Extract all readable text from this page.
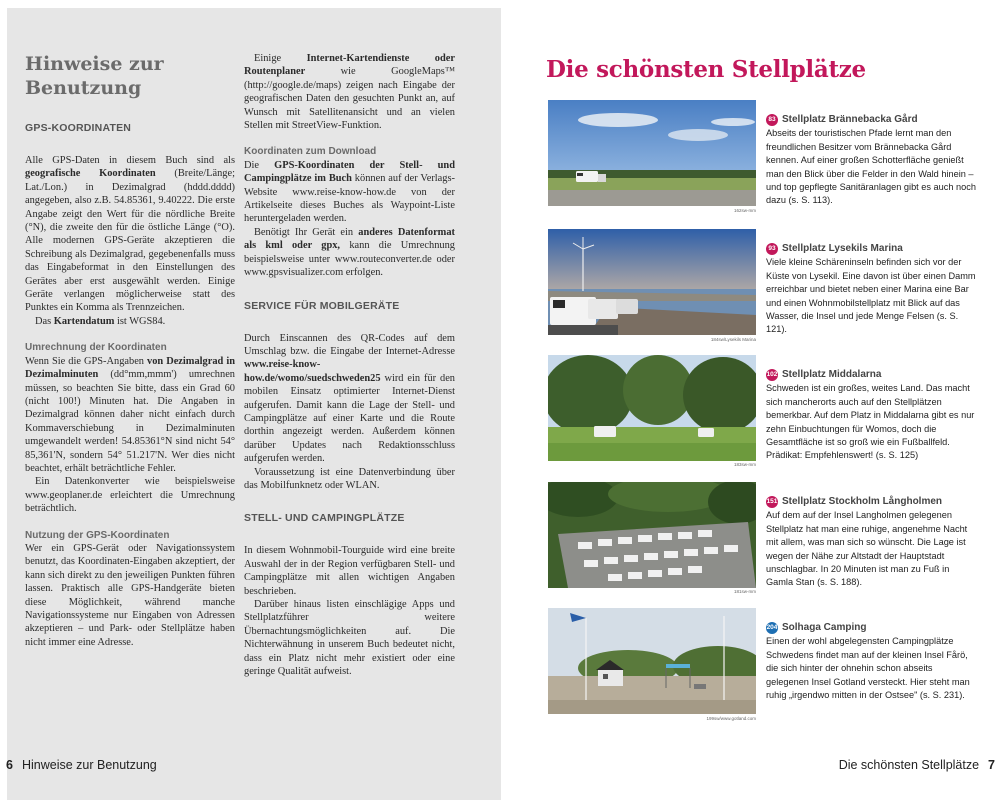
Hinweise zur
Benutzung
GPS-KOORDINATEN

Alle GPS-Daten in diesem Buch sind als geografische Koordinaten (Breite/Länge; Lat./Lon.) in Dezimalgrad (hddd.dddd) angegeben, also z.B. 54.85361, 9.40222. Die erste Angabe zeigt den Wert für die nördliche Breite (°N), die zweite den für die östliche Länge (°O). Alle modernen GPS-Geräte akzeptieren die Schreibung als Dezimalgrad, gegebenenfalls muss das Eingabeformat in den Einstellungen des Gerätes aber erst ausgewählt werden. Einige Geräte verlangen möglicherweise statt des Punktes ein Komma als Trennzeichen.

Das Kartendatum ist WGS84.

Umrechnung der Koordinaten

Wenn Sie die GPS-Angaben von Dezimalgrad in Dezimalminuten (dd°mm,mmm') umrechnen müssen, so beachten Sie bitte, dass ein Grad 60 (nicht 100!) Minuten hat. Die Angaben in Dezimalgrad können daher nicht einfach durch Kommaverschiebung in Dezimalminuten umgewandelt werden! 54.85361°N sind nicht 54° 85,361'N, sondern 54° 51.217'N. Wer dies nicht beachtet, erhält beträchtliche Fehler.

Ein Datenkonverter wie beispielsweise www.geoplaner.de erleichtert die Umrechnung beträchtlich.

Nutzung der GPS-Koordinaten

Wer ein GPS-Gerät oder Navigationssystem benutzt, das Koordinaten-Eingaben akzeptiert, der kann sich direkt zu den jeweiligen Punkten führen lassen. Praktisch alle GPS-Handgeräte bieten diese Möglichkeit, während manche Navigationssysteme nur Eingaben von Adressen akzeptieren – und Park- oder Stellplätze haben nicht immer eine Adresse.

Einige Internet-Kartendienste oder Routenplaner wie GoogleMaps™ (http://google.de/maps) zeigen nach Eingabe der geografischen Daten den gesuchten Punkt an, auf Wunsch mit Satellitenansicht und an vielen Stellen mit StreetView-Funktion.

Koordinaten zum Download

Die GPS-Koordinaten der Stell- und Campingplätze im Buch können auf der Verlags-Website www.reise-know-how.de von der Artikelseite dieses Buches als Waypoint-Liste heruntergeladen werden.

Benötigt Ihr Gerät ein anderes Datenformat als kml oder gpx, kann die Umrechnung beispielsweise unter www.routeconverter.de oder www.gpsvisualizer.com erfolgen.

SERVICE FÜR MOBILGERÄTE

Durch Einscannen des QR-Codes auf dem Umschlag bzw. die Eingabe der Internet-Adresse www.reise-know-how.de/womo/suedschweden25 wird ein für den mobilen Einsatz optimierter Internet-Dienst aufgerufen. Damit kann die Lage der Stell- und Campingplätze auf einer Karte und die Route dorthin angezeigt werden. Außerdem können darüber Updates nach Redaktionsschluss aufgerufen werden.

Voraussetzung ist eine Datenverbindung über das Mobilfunknetz oder WLAN.

STELL- UND CAMPINGPLÄTZE

In diesem Wohnmobil-Tourguide wird eine breite Auswahl der in der Region verfügbaren Stell- und Campingplätze mit allen wichtigen Angaben beschrieben.

Darüber hinaus listen einschlägige Apps und Stellplatzführer weitere Übernachtungsmöglichkeiten auf. Die Nichterwähnung in unserem Buch bedeutet nicht, dass ein Platz nicht mehr existiert oder eine geringe Qualität aufweist.

6 Hinweise zur Benutzung
Die schönsten Stellplätze
162sw-mm
184sw/Lysekils Marina
183sw-mm
181sw-mm
199sw/www.gotland.com
83 Stellplatz Brännebacka Gård
Abseits der touristischen Pfade lernt man den freundlichen Besitzer vom Brännebacka Gård kennen. Auf einer großen Schotterfläche genießt man den Blick über die Felder in den Wald hinein – und top gepflegte Sanitäranlagen gibt es auch noch dazu (s. S. 113).
93 Stellplatz Lysekils Marina
Viele kleine Schäreninseln befinden sich vor der Küste von Lysekil. Eine davon ist über einen Damm erreichbar und bietet neben einer Marina eine Bar und einen Wohnmobilstellplatz mit Blick auf das Wasser, die Insel und jede Menge Felsen (s. S. 121).
102 Stellplatz Middalarna
Schweden ist ein großes, weites Land. Das macht sich mancherorts auch auf den Stellplätzen bemerkbar. Auf dem Platz in Middalarna gibt es nur zehn Einbuchtungen für Womos, doch die Gesamtfläche ist so groß wie ein Fußballfeld. Prädikat: Empfehlenswert! (s. S. 125)
151 Stellplatz Stockholm Långholmen
Auf dem auf der Insel Langholmen gelegenen Stellplatz hat man eine ruhige, angenehme Nacht mit allem, was man sich so wünscht. Die Lage ist wegen der Nähe zur Altstadt der Hauptstadt unschlagbar. In 20 Minuten ist man zu Fuß in Gamla Stan (s. S. 188).
204 Solhaga Camping
Einen der wohl abgelegensten Campingplätze Schwedens findet man auf der kleinen Insel Fårö, die sich hinter der ohnehin schon abseits gelegenen Insel Gotland versteckt. Hier steht man ruhig „irgendwo mitten in der Ostsee" (s. S. 231).
Die schönsten Stellplätze 7
